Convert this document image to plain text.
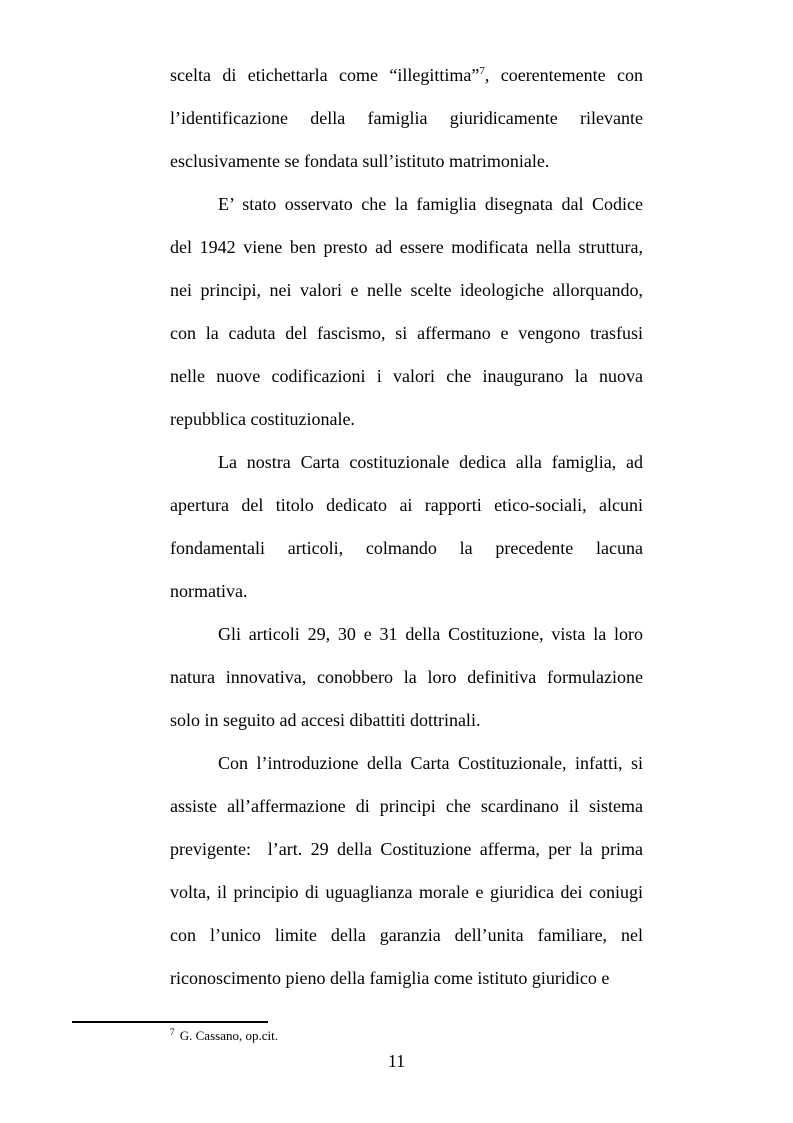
scelta di etichettarla come “illegittima”$^7$, coerentemente con
l’identificazione della famiglia giuridicamente rilevante
esclusivamente se fondata sull’istituto matrimoniale.
E’ stato osservato che la famiglia disegnata dal Codice
del 1942 viene ben presto ad essere modificata nella struttura,
nei principi, nei valori e nelle scelte ideologiche allorquando,
con la caduta del fascismo, si affermano e vengono trasfusi
nelle nuove codificazioni i valori che inaugurano la nuova
repubblica costituzionale.
La nostra Carta costituzionale dedica alla famiglia, ad
apertura del titolo dedicato ai rapporti etico-sociali, alcuni
fondamentali articoli, colmando la precedente lacuna
normativa.
Gli articoli 29, 30 e 31 della Costituzione, vista la loro
natura innovativa, conobbero la loro definitiva formulazione
solo in seguito ad accesi dibattiti dottrinali.
Con l’introduzione della Carta Costituzionale, infatti, si
assiste all’affermazione di principi che scardinano il sistema
previgente:  l’art. 29 della Costituzione afferma, per la prima
volta, il principio di uguaglianza morale e giuridica dei coniugi
con l’unico limite della garanzia dell’unita familiare, nel
riconoscimento pieno della famiglia come istituto giuridico e
$^7$ G. Cassano, op.cit.
11
